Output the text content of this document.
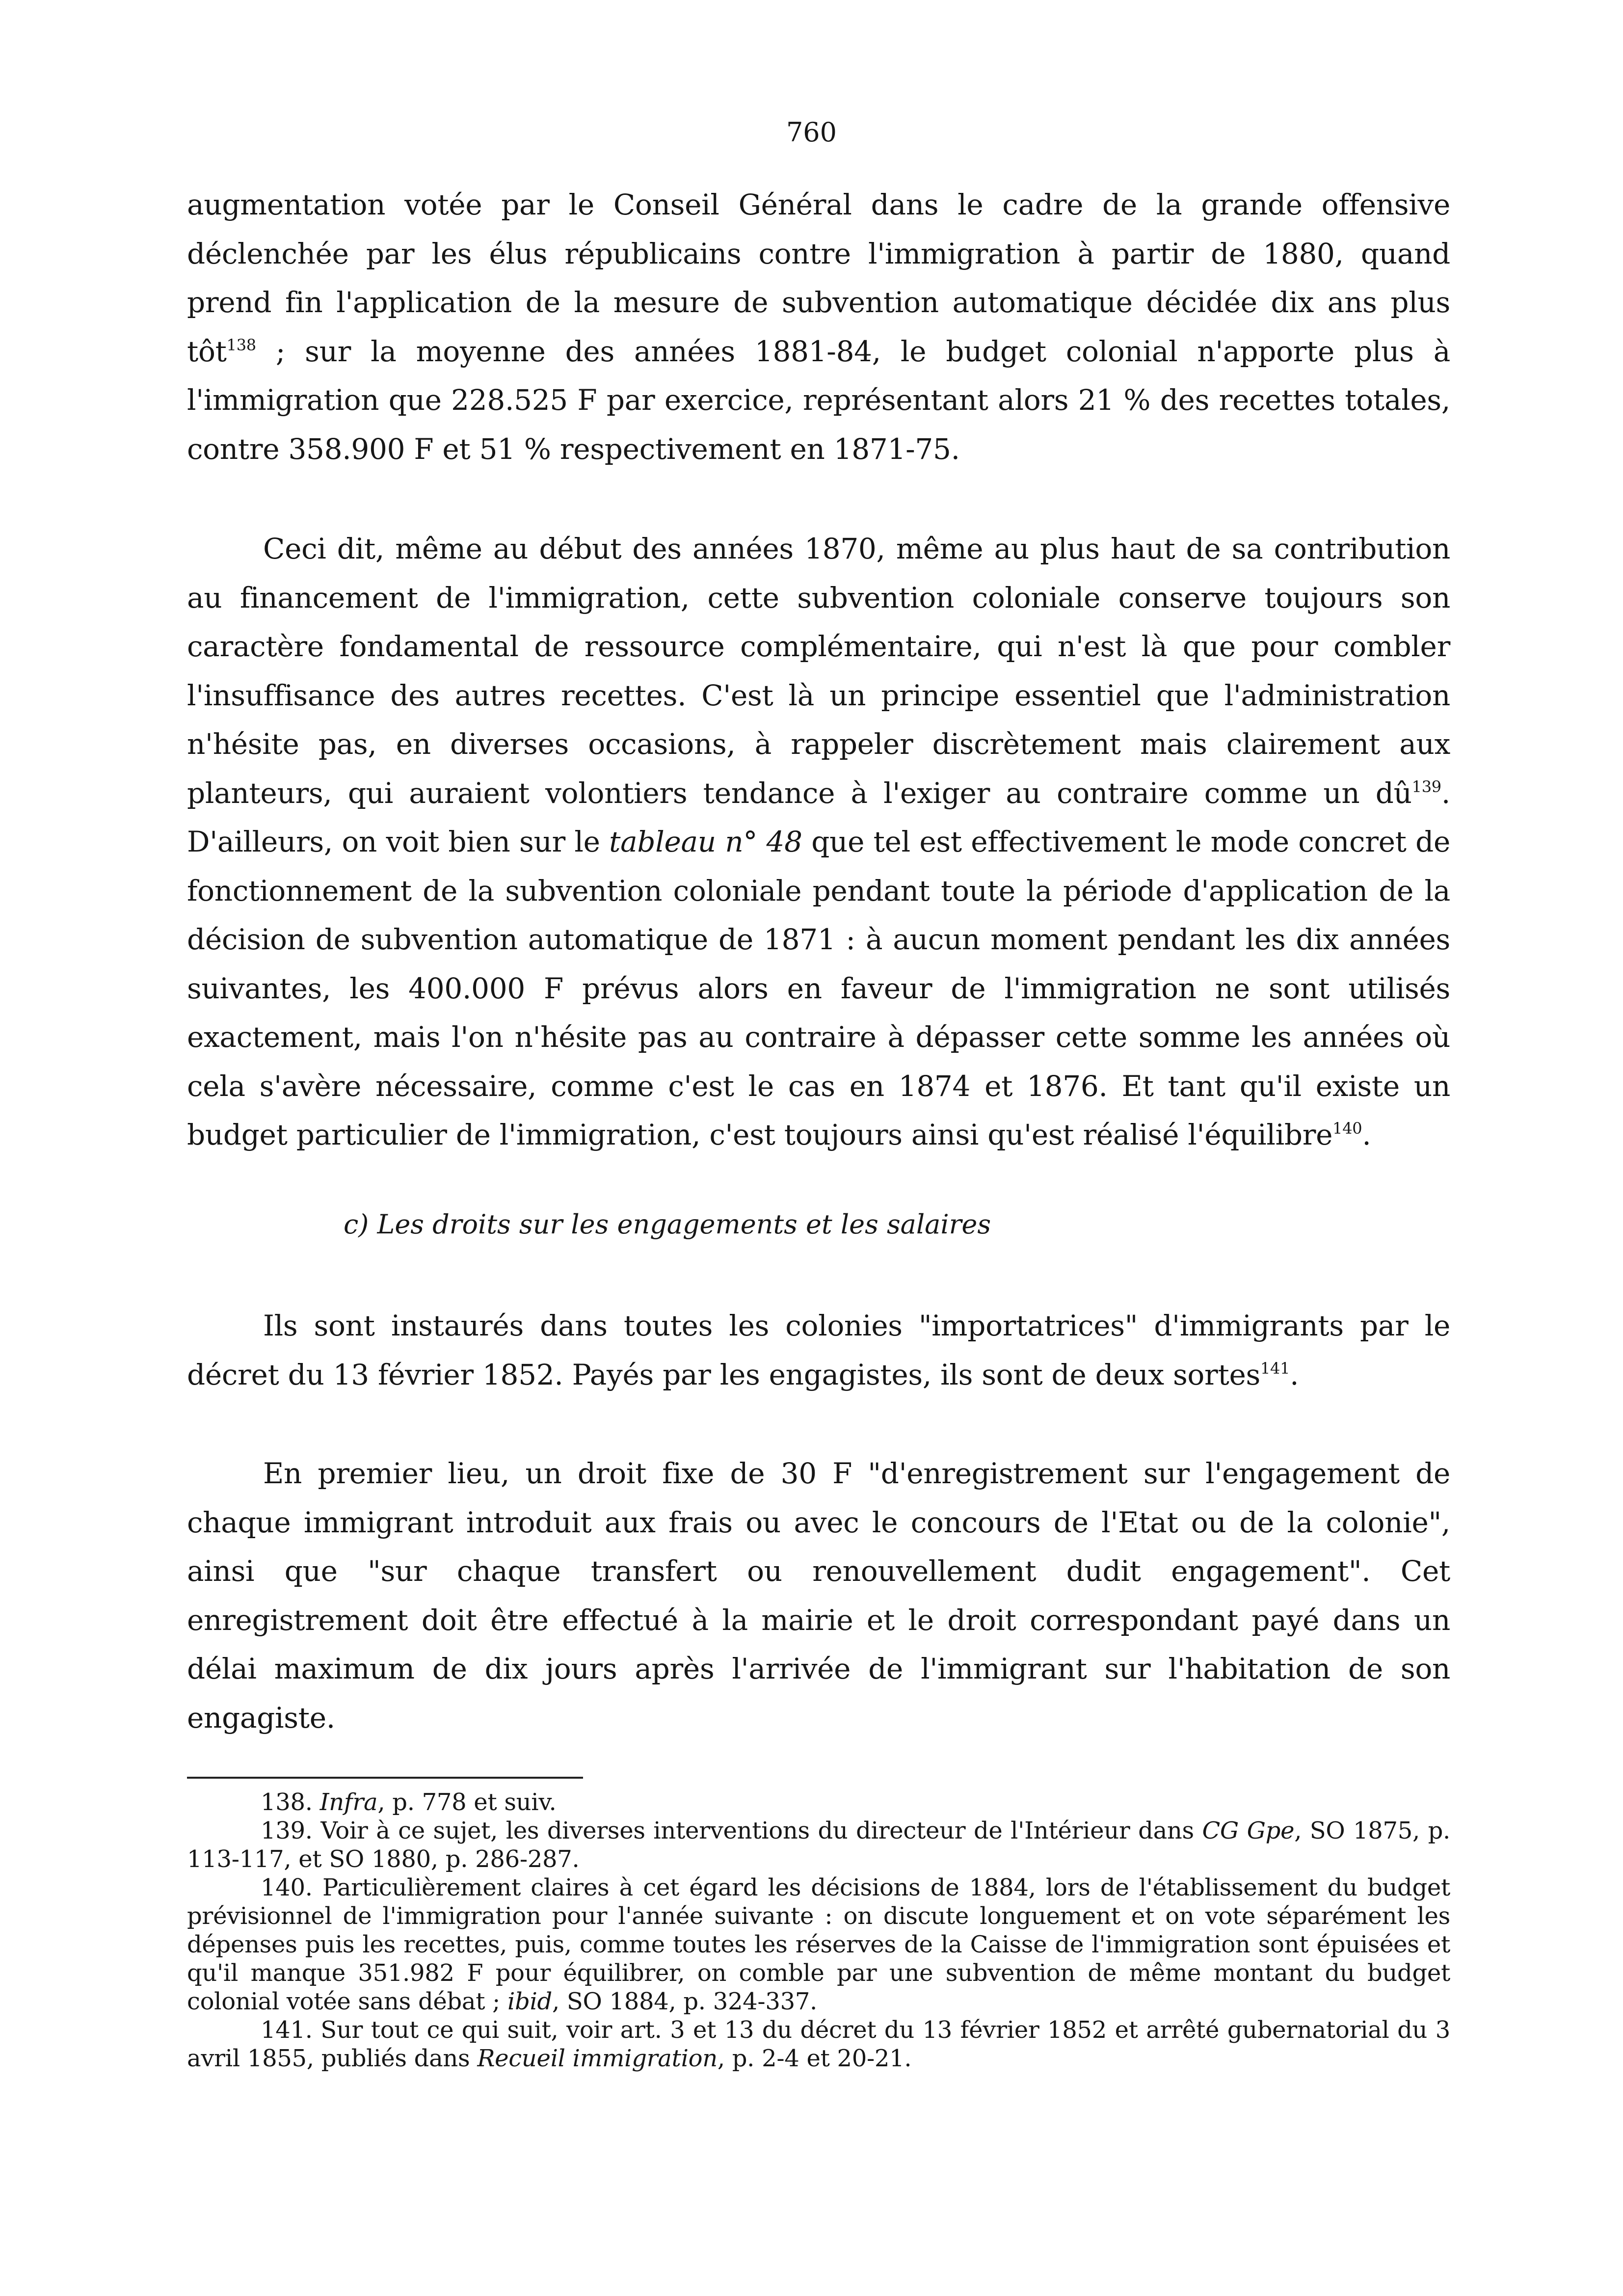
760

augmentation votée par le Conseil Général dans le cadre de la grande offensive déclenchée par les élus républicains contre l'immigration à partir de 1880, quand prend fin l'application de la mesure de subvention automatique décidée dix ans plus tôt$^{138}$ ; sur la moyenne des années 1881-84, le budget colonial n'apporte plus à l'immigration que 228.525 F par exercice, représentant alors 21 % des recettes totales, contre 358.900 F et 51 % respectivement en 1871-75.

Ceci dit, même au début des années 1870, même au plus haut de sa contribution au financement de l'immigration, cette subvention coloniale conserve toujours son caractère fondamental de ressource complémentaire, qui n'est là que pour combler l'insuffisance des autres recettes. C'est là un principe essentiel que l'administration n'hésite pas, en diverses occasions, à rappeler discrètement mais clairement aux planteurs, qui auraient volontiers tendance à l'exiger au contraire comme un $dû^{139}$. D'ailleurs, on voit bien sur le tableau n° 48 que tel est effectivement le mode concret de fonctionnement de la subvention coloniale pendant toute la période d'application de la décision de subvention automatique de 1871 : à aucun moment pendant les dix années suivantes, les 400.000 F prévus alors en faveur de l'immigration ne sont utilisés exactement, mais l'on n'hésite pas au contraire à dépasser cette somme les années où cela s'avère nécessaire, comme c'est le cas en 1874 et 1876. Et tant qu'il existe un budget particulier de l'immigration, c'est toujours ainsi qu'est réalisé l'équilibre$^{140}$.

c) Les droits sur les engagements et les salaires

Ils sont instaurés dans toutes les colonies "importatrices" d'immigrants par le décret du 13 février 1852. Payés par les engagistes, ils sont de deux sortes$^{141}$.

En premier lieu, un droit fixe de 30 F "d'enregistrement sur l'engagement de chaque immigrant introduit aux frais ou avec le concours de l'Etat ou de la colonie", ainsi que "sur chaque transfert ou renouvellement dudit engagement". Cet enregistrement doit être effectué à la mairie et le droit correspondant payé dans un délai maximum de dix jours après l'arrivée de l'immigrant sur l'habitation de son engagiste.

138. Infra, p. 778 et suiv.

139. Voir à ce sujet, les diverses interventions du directeur de l'Intérieur dans CG Gpe, SO 1875, p. 113-117, et SO 1880, p. 286-287.

140. Particulièrement claires à cet égard les décisions de 1884, lors de l'établissement du budget prévisionnel de l'immigration pour l'année suivante : on discute longuement et on vote séparément les dépenses puis les recettes, puis, comme toutes les réserves de la Caisse de l'immigration sont épuisées et qu'il manque 351.982 F pour équilibrer, on comble par une subvention de même montant du budget colonial votée sans débat ; ibid, SO 1884, p. 324-337.

141. Sur tout ce qui suit, voir art. 3 et 13 du décret du 13 février 1852 et arrêté gubernatorial du 3 avril 1855, publiés dans Recueil immigration, p. 2-4 et 20-21.
